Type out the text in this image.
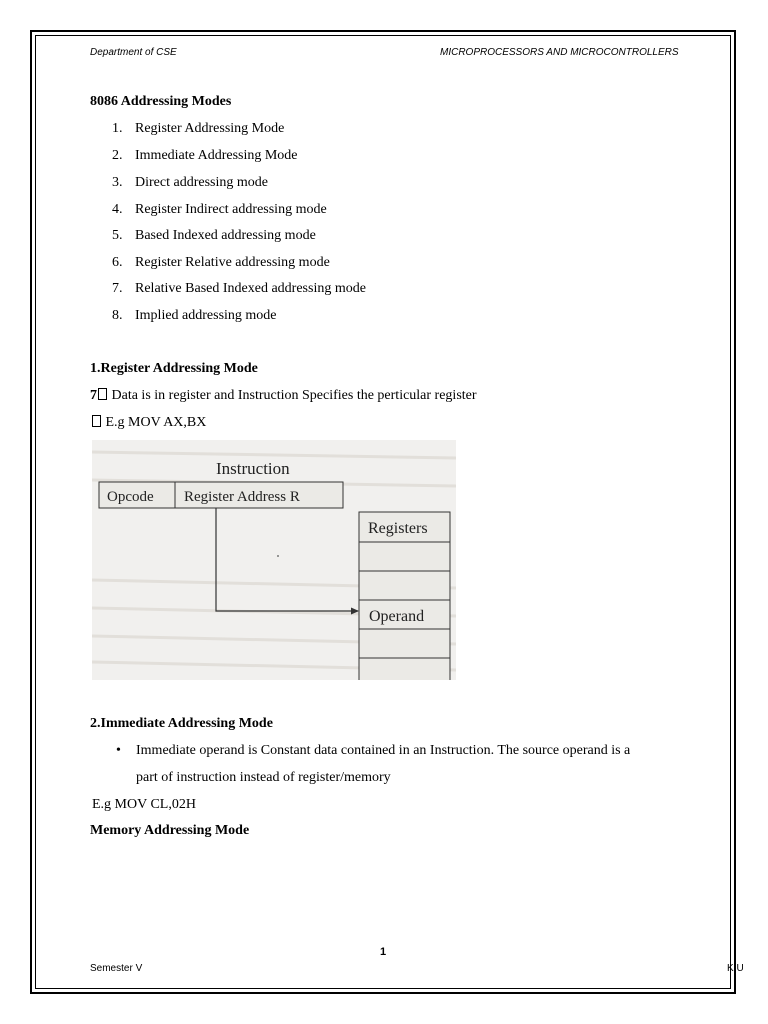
Department of CSE	MICROPROCESSORS AND MICROCONTROLLERS
8086 Addressing Modes
1. Register Addressing Mode
2. Immediate Addressing Mode
3. Direct addressing mode
4. Register Indirect addressing mode
5. Based Indexed addressing mode
6. Register Relative addressing mode
7. Relative Based Indexed addressing mode
8. Implied addressing mode
1.Register Addressing Mode
7 Data is in register and Instruction Specifies the perticular register
E.g MOV AX,BX
Instruction
Opcode Register Address R
Registers
Operand
2.Immediate Addressing Mode
• Immediate operand is Constant data contained in an Instruction. The source operand is a
part of instruction instead of register/memory
E.g MOV CL,02H
Memory Addressing Mode
1
Semester V	K U
